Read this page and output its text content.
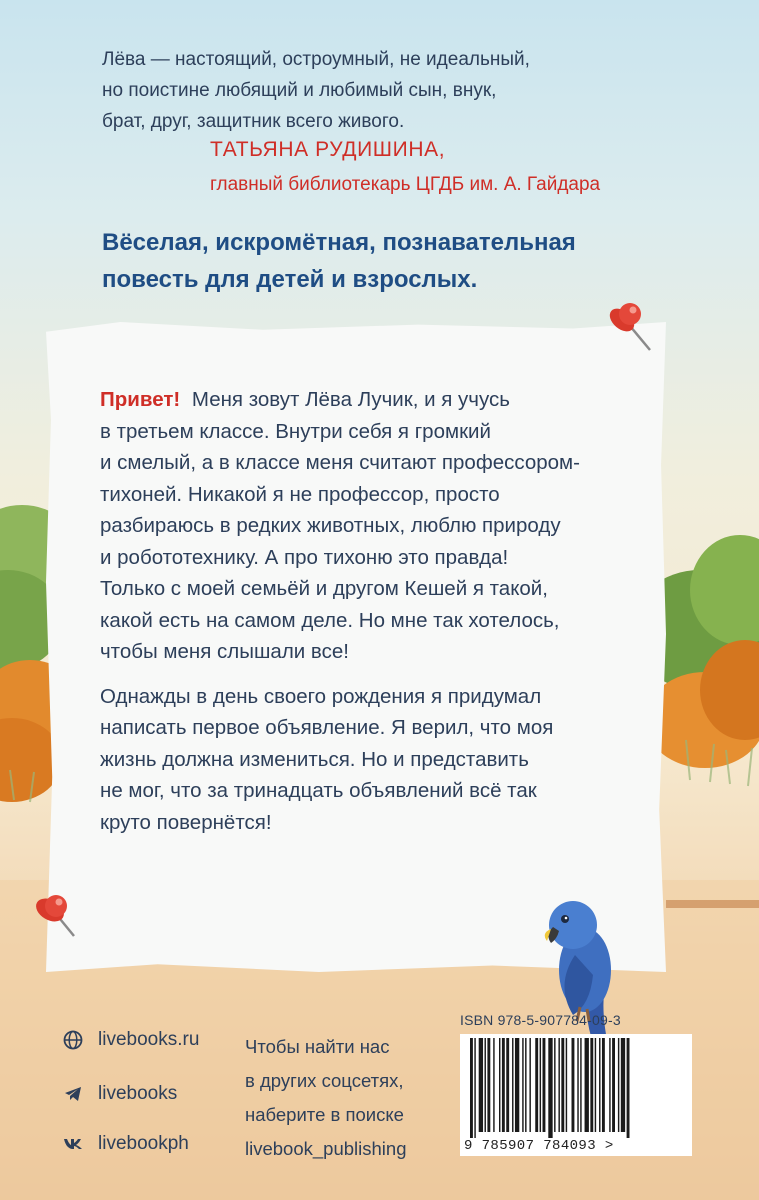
Лёва — настоящий, остроумный, не идеальный,

но поистине любящий и любимый сын, внук,

брат, друг, защитник всего живого.

ТАТЬЯНА РУДИШИНА,
главный библиотекарь ЦГДБ им. А. Гайдара

Вёселая, искромётная, познавательная

повесть для детей и взрослых.

Привет! Меня зовут Лёва Лучик, и я учусь
в третьем классе. Внутри себя я громкий
и смелый, а в классе меня считают профессором-
тихоней. Никакой я не профессор, просто
разбираюсь в редких животных, люблю природу
и робототехнику. А про тихоню это правда!
Только с моей семьёй и другом Кешей я такой,
какой есть на самом деле. Но мне так хотелось,
чтобы меня слышали все!

Однажды в день своего рождения я придумал
написать первое объявление. Я верил, что моя
жизнь должна измениться. Но и представить
не мог, что за тринадцать объявлений всё так
круто повернётся!

livebooks.ru
livebooks
livebookph

Чтобы найти нас

в других соцсетях,

наберите в поиске

livebook_publishing

ISBN 978-5-907784-09-3
9 785907 784093 >
